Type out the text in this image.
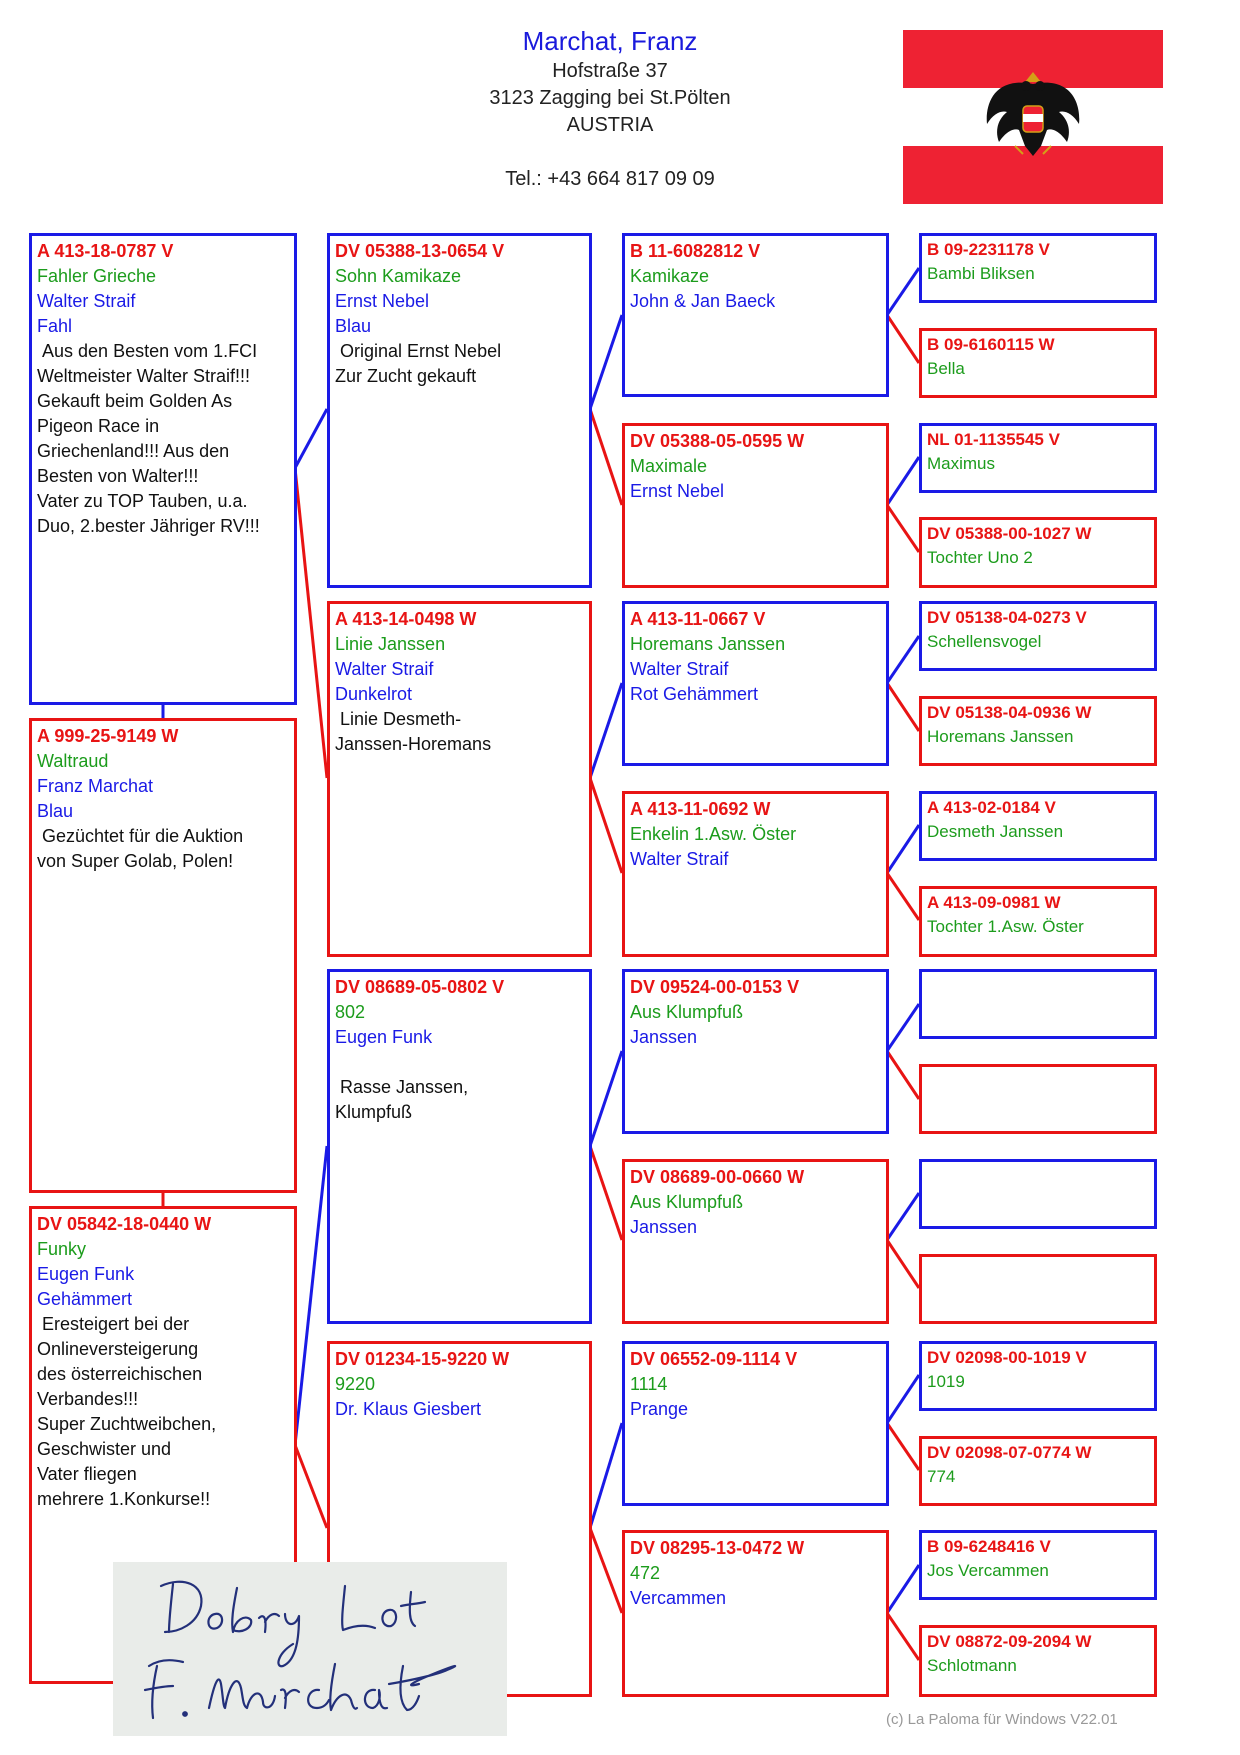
Marchat, Franz
Hofstraße 37
3123 Zagging bei St.Pölten
AUSTRIA
Tel.: +43 664 817 09 09
A 413-18-0787 V
Fahler Grieche
Walter Straif
Fahl
Aus den Besten vom 1.FCI
Weltmeister Walter Straif!!!
Gekauft beim Golden As
Pigeon Race in
Griechenland!!! Aus den
Besten von Walter!!!
Vater zu TOP Tauben, u.a.
Duo, 2.bester Jähriger RV!!!
A 999-25-9149 W
Waltraud
Franz Marchat
Blau
Gezüchtet für die Auktion
von Super Golab, Polen!
DV 05842-18-0440 W
Funky
Eugen Funk
Gehämmert
Eresteigert bei der
Onlineversteigerung
des österreichischen
Verbandes!!!
Super Zuchtweibchen,
Geschwister und
Vater fliegen
mehrere 1.Konkurse!!
DV 05388-13-0654 V
Sohn Kamikaze
Ernst Nebel
Blau
Original Ernst Nebel
Zur Zucht gekauft
A 413-14-0498 W
Linie Janssen
Walter Straif
Dunkelrot
Linie Desmeth-
Janssen-Horemans
DV 08689-05-0802 V
802
Eugen Funk
Rasse Janssen,
Klumpfuß
DV 01234-15-9220 W
9220
Dr. Klaus Giesbert
B 11-6082812 V
Kamikaze
John & Jan Baeck
DV 05388-05-0595 W
Maximale
Ernst Nebel
A 413-11-0667 V
Horemans Janssen
Walter Straif
Rot Gehämmert
A 413-11-0692 W
Enkelin 1.Asw. Öster
Walter Straif
DV 09524-00-0153 V
Aus Klumpfuß
Janssen
DV 08689-00-0660 W
Aus Klumpfuß
Janssen
DV 06552-09-1114 V
1114
Prange
DV 08295-13-0472 W
472
Vercammen
B 09-2231178 V
Bambi Bliksen
B 09-6160115 W
Bella
NL 01-1135545 V
Maximus
DV 05388-00-1027 W
Tochter Uno 2
DV 05138-04-0273 V
Schellensvogel
DV 05138-04-0936 W
Horemans Janssen
A 413-02-0184 V
Desmeth Janssen
A 413-09-0981 W
Tochter 1.Asw. Öster
DV 02098-00-1019 V
1019
DV 02098-07-0774 W
774
B 09-6248416 V
Jos Vercammen
DV 08872-09-2094 W
Schlotmann
(c) La Paloma für Windows V22.01
